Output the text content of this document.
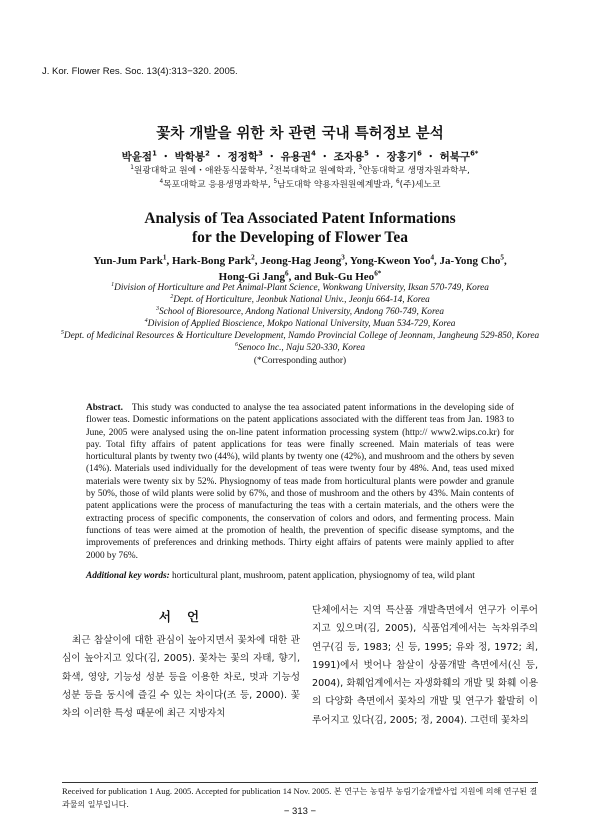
J. Kor. Flower Res. Soc. 13(4):313−320. 2005.
꽃차 개발을 위한 차 관련 국내 특허정보 분석
박윤점$^1$ ・ 박학봉$^2$ ・ 정정학$^3$ ・ 유용권$^4$ ・ 조자용$^5$ ・ 장홍기$^6$ ・ 허북구$^{6*}$
$^1$원광대학교 원예・애완동식물학부, $^2$전북대학교 원예학과, $^3$안동대학교 생명자원과학부,
$^4$목포대학교 응용생명과학부, $^5$남도대학 약용자원원예계발과, $^6$(주)세노코
Analysis of Tea Associated Patent Informations
for the Developing of Flower Tea
Yun-Jum Park$^1$, Hark-Bong Park$^2$, Jeong-Hag Jeong$^3$, Yong-Kweon Yoo$^4$, Ja-Yong Cho$^5$,
Hong-Gi Jang$^6$, and Buk-Gu Heo$^{6*}$
$^1$Division of Horticulture and Pet Animal-Plant Science, Wonkwang University, Iksan 570-749, Korea
$^2$Dept. of Horticulture, Jeonbuk National Univ., Jeonju 664-14, Korea
$^3$School of Bioresource, Andong National University, Andong 760-749, Korea
$^4$Division of Applied Bioscience, Mokpo National University, Muan 534-729, Korea
$^5$Dept. of Medicinal Resources & Horticulture Development, Namdo Provincial College of Jeonnam, Jangheung 529-850, Korea
$^6$Senoco Inc., Naju 520-330, Korea
(*Corresponding author)
Abstract. This study was conducted to analyse the tea associated patent informations in the developing side of flower teas. Domestic informations on the patent applications associated with the different teas from Jan. 1983 to June, 2005 were analysed using the on-line patent information processing system (http:// www2.wips.co.kr) for pay. Total fifty affairs of patent applications for teas were finally screened. Main materials of teas were horticultural plants by twenty two (44%), wild plants by twenty one (42%), and mushroom and the others by seven (14%). Materials used individually for the development of teas were twenty four by 48%. And, teas used mixed materials were twenty six by 52%. Physiognomy of teas made from horticultural plants were powder and granule by 50%, those of wild plants were solid by 67%, and those of mushroom and the others by 43%. Main contents of patent applications were the process of manufacturing the teas with a certain materials, and the others were the extracting process of specific components, the conservation of colors and odors, and fermenting process. Main functions of teas were aimed at the promotion of health, the prevention of specific disease symptoms, and the improvements of preferences and drinking methods. Thirty eight affairs of patents were mainly applied to after 2000 by 76%.
Additional key words: horticultural plant, mushroom, patent application, physiognomy of tea, wild plant
서언
최근 참살이에 대한 관심이 높아지면서 꽃차에 대한 관심이 높아지고 있다(김, 2005). 꽃차는 꽃의 자태, 향기, 화색, 영양, 기능성 성분 등을 이용한 차로, 멋과 기능성 성분 등을 동시에 즐길 수 있는 차이다(조 등, 2000). 꽃차의 이러한 특성 때문에 최근 지방자치
단체에서는 지역 특산품 개발측면에서 연구가 이루어지고 있으며(김, 2005), 식품업계에서는 녹차위주의 연구(김 등, 1983; 신 등, 1995; 유와 정, 1972; 최, 1991)에서 벗어나 참살이 상품개발 측면에서(신 등, 2004), 화훼업계에서는 자생화훼의 개발 및 화훼 이용의 다양화 측면에서 꽃차의 개발 및 연구가 활발히 이루어지고 있다(김, 2005; 정, 2004). 그런데 꽃차의
Received for publication 1 Aug. 2005. Accepted for publication 14 Nov. 2005. 본 연구는 농림부 농림기술개발사업 지원에 의해 연구된 결과물의 일부입니다.
− 313 −
